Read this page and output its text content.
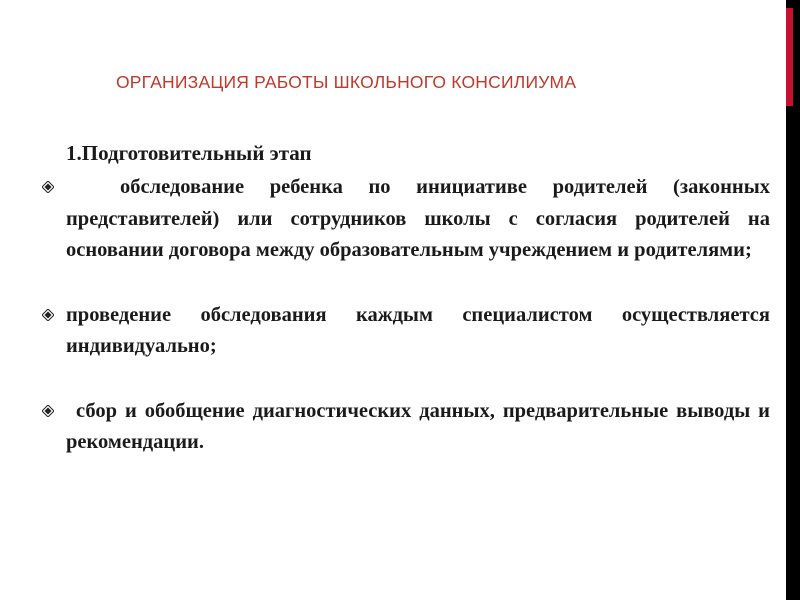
ОРГАНИЗАЦИЯ РАБОТЫ ШКОЛЬНОГО КОНСИЛИУМА
1.Подготовительный этап
обследование ребенка по инициативе родителей (законных представителей) или сотрудников школы с согласия родителей на основании договора между образовательным учреждением и родителями;
проведение обследования каждым специалистом осуществляется индивидуально;
сбор и обобщение диагностических данных, предварительные выводы и рекомендации.
